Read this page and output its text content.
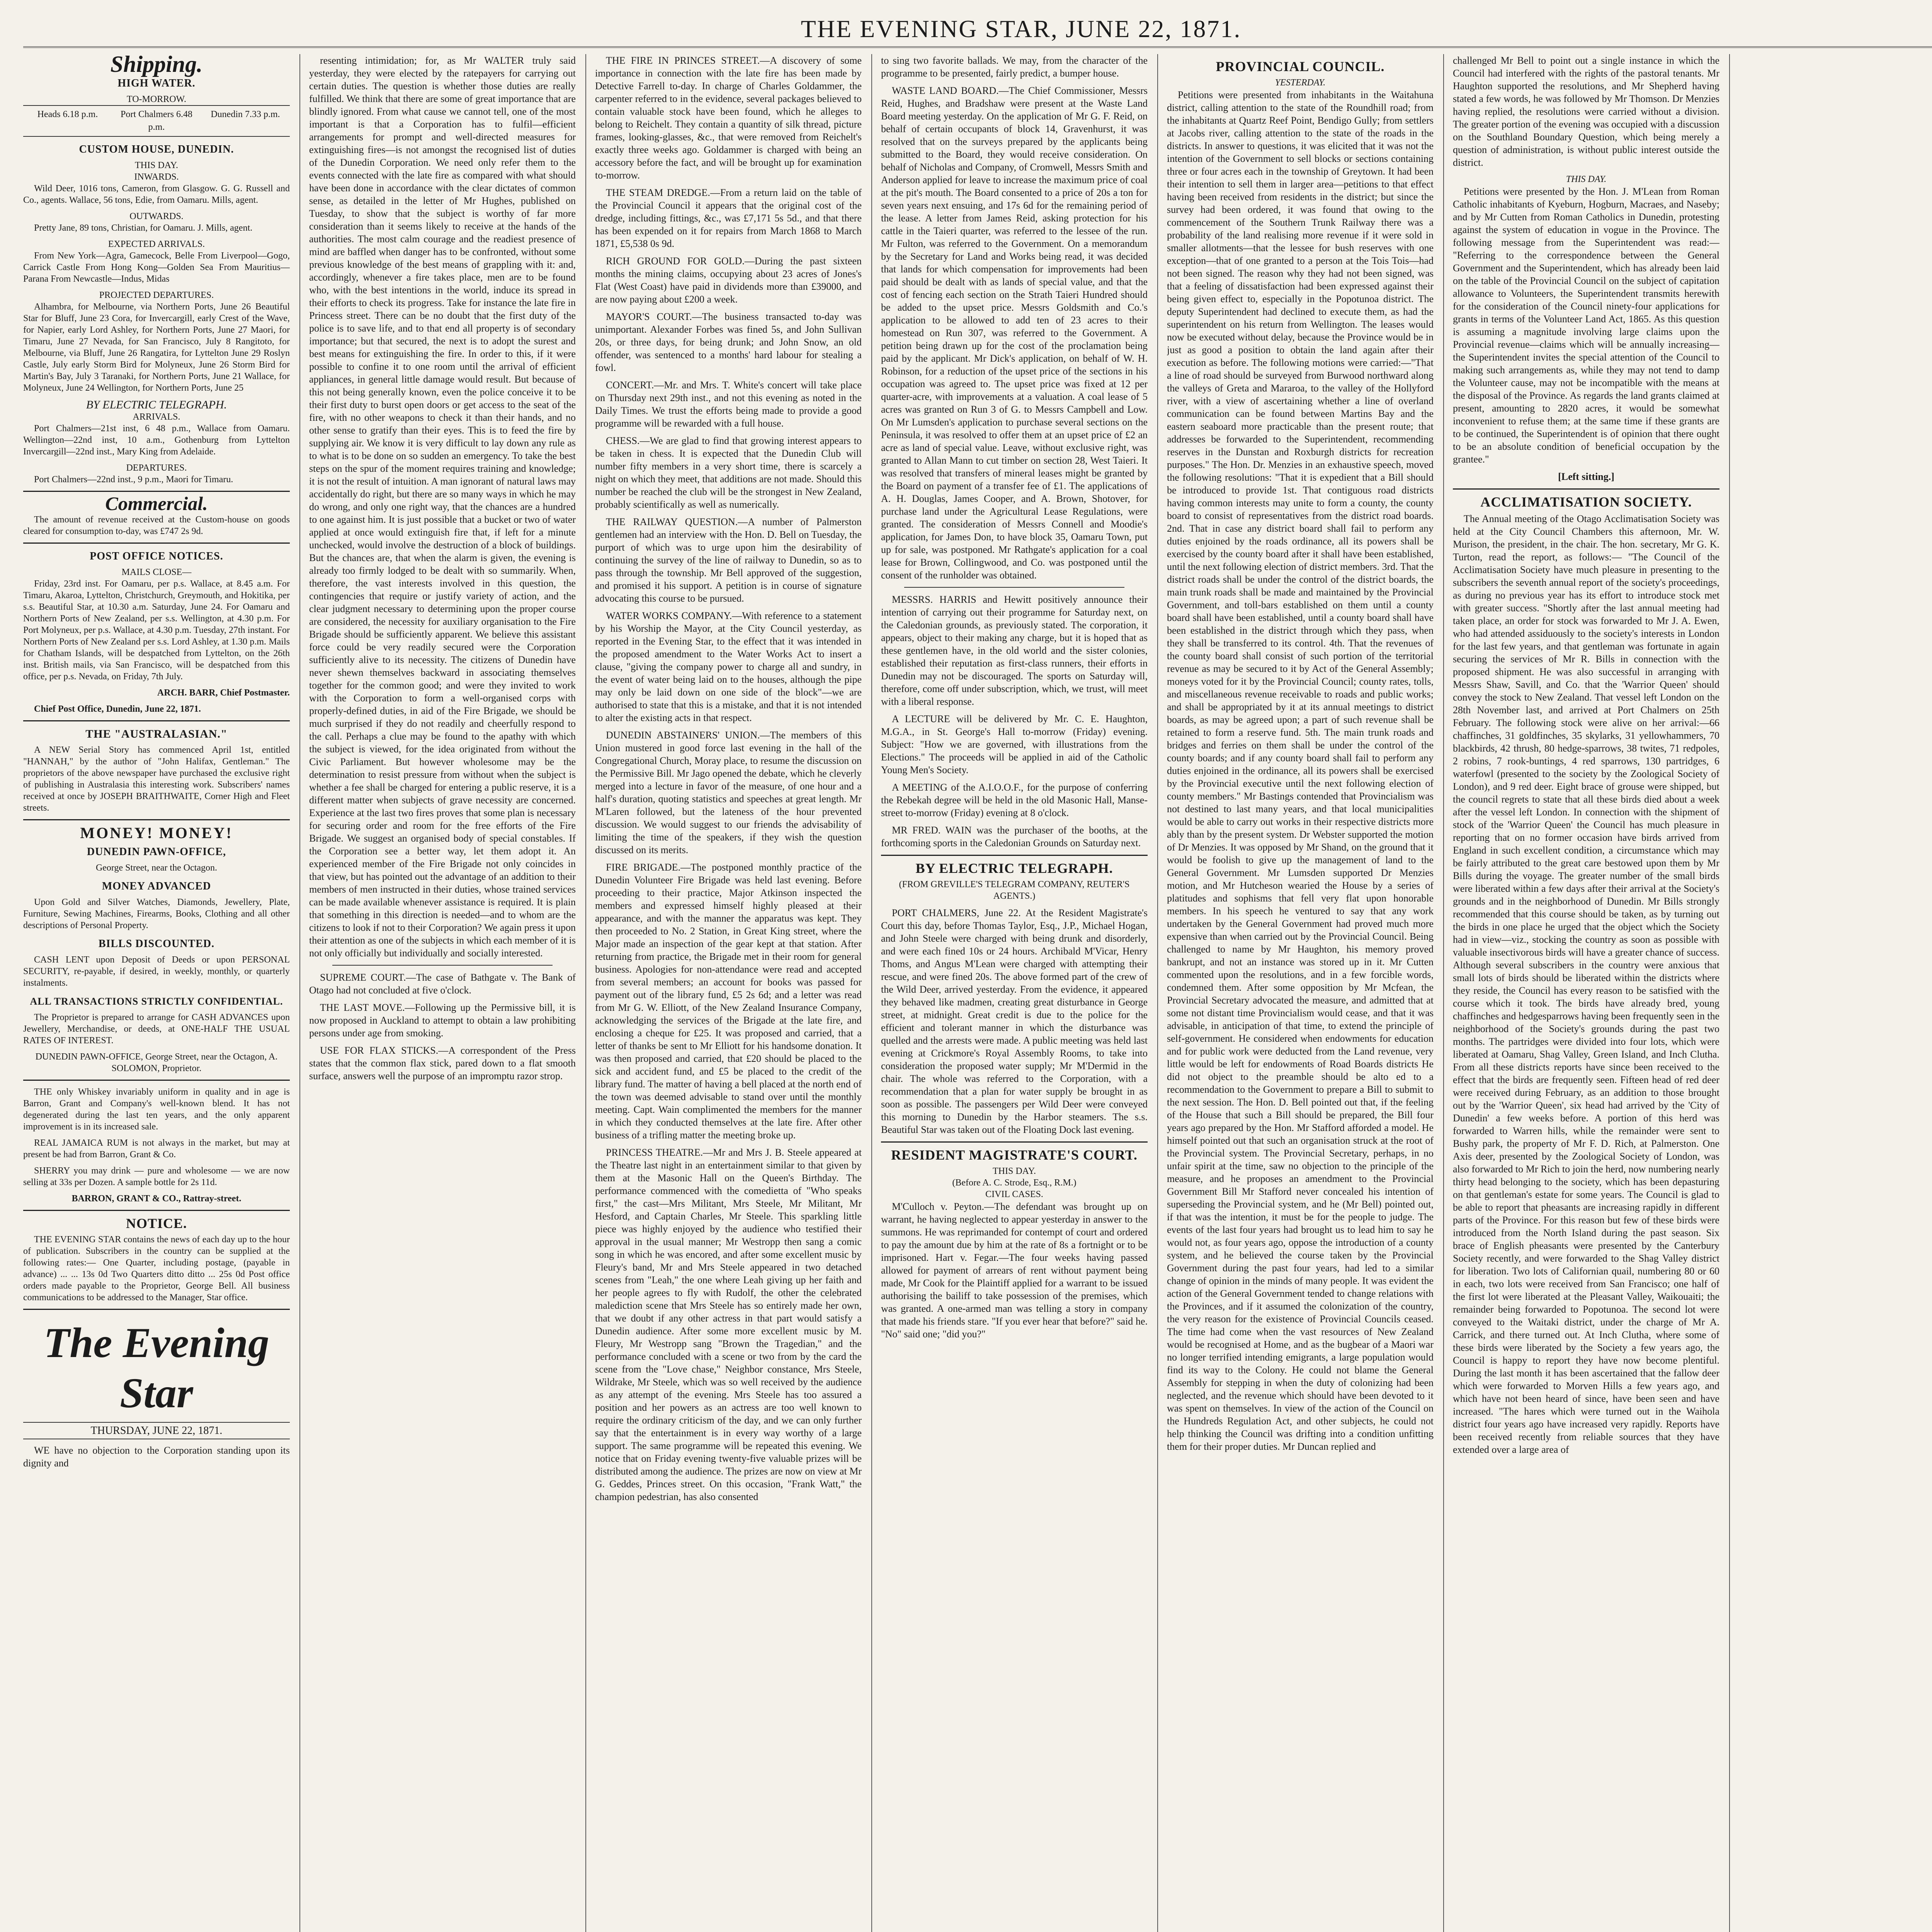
THE EVENING STAR, JUNE 22, 1871.
Shipping.
HIGH WATER.
TO-MORROW.
Heads 6.18 p.m.	Port Chalmers 6.48 p.m.
Dunedin 7.33 p.m.
CUSTOM HOUSE, DUNEDIN.
THIS DAY.
INWARDS.

Wild Deer, 1016 tons, Cameron, from Glasgow. G. G. Russell and Co., agents. Wallace, 56 tons, Edie, from Oamaru. Mills, agent.

OUTWARDS.

Pretty Jane, 89 tons, Christian, for Oamaru. J. Mills, agent.

EXPECTED ARRIVALS.

From New York—Agra, Gamecock, Belle From Liverpool—Gogo, Carrick Castle From Hong Kong—Golden Sea From Mauritius—Parana From Newcastle—Indus, Midas

PROJECTED DEPARTURES.

Alhambra, for Melbourne, via Northern Ports, June 26 Beautiful Star for Bluff, June 23 Cora, for Invercargill, early Crest of the Wave, for Napier, early Lord Ashley, for Northern Ports, June 27 Maori, for Timaru, June 27 Nevada, for San Francisco, July 8 Rangitoto, for Melbourne, via Bluff, June 26 Rangatira, for Lyttelton June 29 Roslyn Castle, July early Storm Bird for Molyneux, June 26 Storm Bird for Martin's Bay, July 3 Taranaki, for Northern Ports, June 21 Wallace, for Molyneux, June 24 Wellington, for Northern Ports, June 25

BY ELECTRIC TELEGRAPH.
ARRIVALS.

Port Chalmers—21st inst, 6 48 p.m., Wallace from Oamaru. Wellington—22nd inst, 10 a.m., Gothenburg from Lyttelton Invercargill—22nd inst., Mary King from Adelaide.

DEPARTURES.

Port Chalmers—22nd inst., 9 p.m., Maori for Timaru.

Commercial.

The amount of revenue received at the Custom-house on goods cleared for consumption to-day, was £747 2s 9d.

POST OFFICE NOTICES.
MAILS CLOSE—

Friday, 23rd inst. For Oamaru, per p.s. Wallace, at 8.45 a.m. For Timaru, Akaroa, Lyttelton, Christchurch, Greymouth, and Hokitika, per s.s. Beautiful Star, at 10.30 a.m. Saturday, June 24. For Oamaru and Northern Ports of New Zealand, per s.s. Wellington, at 4.30 p.m. For Port Molyneux, per p.s. Wallace, at 4.30 p.m. Tuesday, 27th instant. For Northern Ports of New Zealand per s.s. Lord Ashley, at 1.30 p.m. Mails for Chatham Islands, will be despatched from Lyttelton, on the 26th inst. British mails, via San Francisco, will be despatched from this office, per p.s. Nevada, on Friday, 7th July.

ARCH. BARR, Chief Postmaster.

Chief Post Office, Dunedin, June 22, 1871.

THE "AUSTRALASIAN."

A NEW Serial Story has commenced April 1st, entitled "HANNAH," by the author of "John Halifax, Gentleman." The proprietors of the above newspaper have purchased the exclusive right of publishing in Australasia this interesting work. Subscribers' names received at once by JOSEPH BRAITHWAITE, Corner High and Fleet streets.

MONEY! MONEY!
DUNEDIN PAWN-OFFICE,
George Street, near the Octagon.
MONEY ADVANCED

Upon Gold and Silver Watches, Diamonds, Jewellery, Plate, Furniture, Sewing Machines, Firearms, Books, Clothing and all other descriptions of Personal Property.

BILLS DISCOUNTED.

CASH LENT upon Deposit of Deeds or upon PERSONAL SECURITY, re-payable, if desired, in weekly, monthly, or quarterly instalments.

ALL TRANSACTIONS STRICTLY CONFIDENTIAL.

The Proprietor is prepared to arrange for CASH ADVANCES upon Jewellery, Merchandise, or deeds, at ONE-HALF THE USUAL RATES OF INTEREST.

DUNEDIN PAWN-OFFICE, George Street, near the Octagon, A. SOLOMON, Proprietor.

THE only Whiskey invariably uniform in quality and in age is Barron, Grant and Company's well-known blend. It has not degenerated during the last ten years, and the only apparent improvement is in its increased sale.

REAL JAMAICA RUM is not always in the market, but may at present be had from Barron, Grant & Co.

SHERRY you may drink — pure and wholesome — we are now selling at 33s per Dozen. A sample bottle for 2s 11d.

BARRON, GRANT & CO., Rattray-street.

NOTICE.

THE EVENING STAR contains the news of each day up to the hour of publication. Subscribers in the country can be supplied at the following rates:— One Quarter, including postage, (payable in advance) ... ... 13s 0d Two Quarters ditto ditto ... 25s 0d Post office orders made payable to the Proprietor, George Bell. All business communications to be addressed to the Manager, Star office.

The Evening Star
THURSDAY, JUNE 22, 1871.

WE have no objection to the Corporation standing upon its dignity and

resenting intimidation; for, as Mr WALTER truly said yesterday, they were elected by the ratepayers for carrying out certain duties. The question is whether those duties are really fulfilled. We think that there are some of great importance that are blindly ignored. From what cause we cannot tell, one of the most important is that a Corporation has to fulfil—efficient arrangements for prompt and well-directed measures for extinguishing fires—is not amongst the recognised list of duties of the Dunedin Corporation. We need only refer them to the events connected with the late fire as compared with what should have been done in accordance with the clear dictates of common sense, as detailed in the letter of Mr Hughes, published on Tuesday, to show that the subject is worthy of far more consideration than it seems likely to receive at the hands of the authorities. The most calm courage and the readiest presence of mind are baffled when danger has to be confronted, without some previous knowledge of the best means of grappling with it: and, accordingly, whenever a fire takes place, men are to be found who, with the best intentions in the world, induce its spread in their efforts to check its progress. Take for instance the late fire in Princess street. There can be no doubt that the first duty of the police is to save life, and to that end all property is of secondary importance; but that secured, the next is to adopt the surest and best means for extinguishing the fire. In order to this, if it were possible to confine it to one room until the arrival of efficient appliances, in general little damage would result. But because of this not being generally known, even the police conceive it to be their first duty to burst open doors or get access to the seat of the fire, with no other weapons to check it than their hands, and no other sense to gratify than their eyes. This is to feed the fire by supplying air. We know it is very difficult to lay down any rule as to what is to be done on so sudden an emergency. To take the best steps on the spur of the moment requires training and knowledge; it is not the result of intuition. A man ignorant of natural laws may accidentally do right, but there are so many ways in which he may do wrong, and only one right way, that the chances are a hundred to one against him. It is just possible that a bucket or two of water applied at once would extinguish fire that, if left for a minute unchecked, would involve the destruction of a block of buildings. But the chances are, that when the alarm is given, the evening is already too firmly lodged to be dealt with so summarily. When, therefore, the vast interests involved in this question, the contingencies that require or justify variety of action, and the clear judgment necessary to determining upon the proper course are considered, the necessity for auxiliary organisation to the Fire Brigade should be sufficiently apparent. We believe this assistant force could be very readily secured were the Corporation sufficiently alive to its necessity. The citizens of Dunedin have never shewn themselves backward in associating themselves together for the common good; and were they invited to work with the Corporation to form a well-organised corps with properly-defined duties, in aid of the Fire Brigade, we should be much surprised if they do not readily and cheerfully respond to the call. Perhaps a clue may be found to the apathy with which the subject is viewed, for the idea originated from without the Civic Parliament. But however wholesome may be the determination to resist pressure from without when the subject is whether a fee shall be charged for entering a public reserve, it is a different matter when subjects of grave necessity are concerned. Experience at the last two fires proves that some plan is necessary for securing order and room for the free efforts of the Fire Brigade. We suggest an organised body of special constables. If the Corporation see a better way, let them adopt it. An experienced member of the Fire Brigade not only coincides in that view, but has pointed out the advantage of an addition to their members of men instructed in their duties, whose trained services can be made available whenever assistance is required. It is plain that something in this direction is needed—and to whom are the citizens to look if not to their Corporation? We again press it upon their attention as one of the subjects in which each member of it is not only officially but individually and socially interested.

SUPREME COURT.—The case of Bathgate v. The Bank of Otago had not concluded at five o'clock.

THE LAST MOVE.—Following up the Permissive bill, it is now proposed in Auckland to attempt to obtain a law prohibiting persons under age from smoking.

USE FOR FLAX STICKS.—A correspondent of the Press states that the common flax stick, pared down to a flat smooth surface, answers well the purpose of an impromptu razor strop.

THE FIRE IN PRINCES STREET.—A discovery of some importance in connection with the late fire has been made by Detective Farrell to-day. In charge of Charles Goldammer, the carpenter referred to in the evidence, several packages believed to contain valuable stock have been found, which he alleges to belong to Reichelt. They contain a quantity of silk thread, picture frames, looking-glasses, &c., that were removed from Reichelt's exactly three weeks ago. Goldammer is charged with being an accessory before the fact, and will be brought up for examination to-morrow.

THE STEAM DREDGE.—From a return laid on the table of the Provincial Council it appears that the original cost of the dredge, including fittings, &c., was £7,171 5s 5d., and that there has been expended on it for repairs from March 1868 to March 1871, £5,538 0s 9d.

RICH GROUND FOR GOLD.—During the past sixteen months the mining claims, occupying about 23 acres of Jones's Flat (West Coast) have paid in dividends more than £39000, and are now paying about £200 a week.

MAYOR'S COURT.—The business transacted to-day was unimportant. Alexander Forbes was fined 5s, and John Sullivan 20s, or three days, for being drunk; and John Snow, an old offender, was sentenced to a months' hard labour for stealing a fowl.

CONCERT.—Mr. and Mrs. T. White's concert will take place on Thursday next 29th inst., and not this evening as noted in the Daily Times. We trust the efforts being made to provide a good programme will be rewarded with a full house.

CHESS.—We are glad to find that growing interest appears to be taken in chess. It is expected that the Dunedin Club will number fifty members in a very short time, there is scarcely a night on which they meet, that additions are not made. Should this number be reached the club will be the strongest in New Zealand, probably scientifically as well as numerically.

THE RAILWAY QUESTION.—A number of Palmerston gentlemen had an interview with the Hon. D. Bell on Tuesday, the purport of which was to urge upon him the desirability of continuing the survey of the line of railway to Dunedin, so as to pass through the township. Mr Bell approved of the suggestion, and promised it his support. A petition is in course of signature advocating this course to be pursued.

WATER WORKS COMPANY.—With reference to a statement by his Worship the Mayor, at the City Council yesterday, as reported in the Evening Star, to the effect that it was intended in the proposed amendment to the Water Works Act to insert a clause, "giving the company power to charge all and sundry, in the event of water being laid on to the houses, although the pipe may only be laid down on one side of the block"—we are authorised to state that this is a mistake, and that it is not intended to alter the existing acts in that respect.

DUNEDIN ABSTAINERS' UNION.—The members of this Union mustered in good force last evening in the hall of the Congregational Church, Moray place, to resume the discussion on the Permissive Bill. Mr Jago opened the debate, which he cleverly merged into a lecture in favor of the measure, of one hour and a half's duration, quoting statistics and speeches at great length. Mr M'Laren followed, but the lateness of the hour prevented discussion. We would suggest to our friends the advisability of limiting the time of the speakers, if they wish the question discussed on its merits.

FIRE BRIGADE.—The postponed monthly practice of the Dunedin Volunteer Fire Brigade was held last evening. Before proceeding to their practice, Major Atkinson inspected the members and expressed himself highly pleased at their appearance, and with the manner the apparatus was kept. They then proceeded to No. 2 Station, in Great King street, where the Major made an inspection of the gear kept at that station. After returning from practice, the Brigade met in their room for general business. Apologies for non-attendance were read and accepted from several members; an account for books was passed for payment out of the library fund, £5 2s 6d; and a letter was read from Mr G. W. Elliott, of the New Zealand Insurance Company, acknowledging the services of the Brigade at the late fire, and enclosing a cheque for £25. It was proposed and carried, that a letter of thanks be sent to Mr Elliott for his handsome donation. It was then proposed and carried, that £20 should be placed to the sick and accident fund, and £5 be placed to the credit of the library fund. The matter of having a bell placed at the north end of the town was deemed advisable to stand over until the monthly meeting. Capt. Wain complimented the members for the manner in which they conducted themselves at the late fire. After other business of a trifling matter the meeting broke up.

PRINCESS THEATRE.—Mr and Mrs J. B. Steele appeared at the Theatre last night in an entertainment similar to that given by them at the Masonic Hall on the Queen's Birthday. The performance commenced with the comedietta of "Who speaks first," the cast—Mrs Militant, Mrs Steele, Mr Militant, Mr Hesford, and Captain Charles, Mr Steele. This sparkling little piece was highly enjoyed by the audience who testified their approval in the usual manner; Mr Westropp then sang a comic song in which he was encored, and after some excellent music by Fleury's band, Mr and Mrs Steele appeared in two detached scenes from "Leah," the one where Leah giving up her faith and her people agrees to fly with Rudolf, the other the celebrated malediction scene that Mrs Steele has so entirely made her own, that we doubt if any other actress in that part would satisfy a Dunedin audience. After some more excellent music by M. Fleury, Mr Westropp sang "Brown the Tragedian," and the performance concluded with a scene or two from by the card the scene from the "Love chase," Neighbor constance, Mrs Steele, Wildrake, Mr Steele, which was so well received by the audience as any attempt of the evening. Mrs Steele has too assured a position and her powers as an actress are too well known to require the ordinary criticism of the day, and we can only further say that the entertainment is in every way worthy of a large support. The same programme will be repeated this evening. We notice that on Friday evening twenty-five valuable prizes will be distributed among the audience. The prizes are now on view at Mr G. Geddes, Princes street. On this occasion, "Frank Watt," the champion pedestrian, has also consented

to sing two favorite ballads. We may, from the character of the programme to be presented, fairly predict, a bumper house.

WASTE LAND BOARD.—The Chief Commissioner, Messrs Reid, Hughes, and Bradshaw were present at the Waste Land Board meeting yesterday. On the application of Mr G. F. Reid, on behalf of certain occupants of block 14, Gravenhurst, it was resolved that on the surveys prepared by the applicants being submitted to the Board, they would receive consideration. On behalf of Nicholas and Company, of Cromwell, Messrs Smith and Anderson applied for leave to increase the maximum price of coal at the pit's mouth. The Board consented to a price of 20s a ton for seven years next ensuing, and 17s 6d for the remaining period of the lease. A letter from James Reid, asking protection for his cattle in the Taieri quarter, was referred to the lessee of the run. Mr Fulton, was referred to the Government. On a memorandum by the Secretary for Land and Works being read, it was decided that lands for which compensation for improvements had been paid should be dealt with as lands of special value, and that the cost of fencing each section on the Strath Taieri Hundred should be added to the upset price. Messrs Goldsmith and Co.'s application to be allowed to add ten of 23 acres to their homestead on Run 307, was referred to the Government. A petition being drawn up for the cost of the proclamation being paid by the applicant. Mr Dick's application, on behalf of W. H. Robinson, for a reduction of the upset price of the sections in his occupation was agreed to. The upset price was fixed at 12 per quarter-acre, with improvements at a valuation. A coal lease of 5 acres was granted on Run 3 of G. to Messrs Campbell and Low. On Mr Lumsden's application to purchase several sections on the Peninsula, it was resolved to offer them at an upset price of £2 an acre as land of special value. Leave, without exclusive right, was granted to Allan Mann to cut timber on section 28, West Taieri. It was resolved that transfers of mineral leases might be granted by the Board on payment of a transfer fee of £1. The applications of A. H. Douglas, James Cooper, and A. Brown, Shotover, for purchase land under the Agricultural Lease Regulations, were granted. The consideration of Messrs Connell and Moodie's application, for James Don, to have block 35, Oamaru Town, put up for sale, was postponed. Mr Rathgate's application for a coal lease for Brown, Collingwood, and Co. was postponed until the consent of the runholder was obtained.

MESSRS. HARRIS and Hewitt positively announce their intention of carrying out their programme for Saturday next, on the Caledonian grounds, as previously stated. The corporation, it appears, object to their making any charge, but it is hoped that as these gentlemen have, in the old world and the sister colonies, established their reputation as first-class runners, their efforts in Dunedin may not be discouraged. The sports on Saturday will, therefore, come off under subscription, which, we trust, will meet with a liberal response.

A LECTURE will be delivered by Mr. C. E. Haughton, M.G.A., in St. George's Hall to-morrow (Friday) evening. Subject: "How we are governed, with illustrations from the Elections." The proceeds will be applied in aid of the Catholic Young Men's Society.

A MEETING of the A.I.O.O.F., for the purpose of conferring the Rebekah degree will be held in the old Masonic Hall, Manse-street to-morrow (Friday) evening at 8 o'clock.

MR FRED. WAIN was the purchaser of the booths, at the forthcoming sports in the Caledonian Grounds on Saturday next.

BY ELECTRIC TELEGRAPH.

(FROM GREVILLE'S TELEGRAM COMPANY, REUTER'S AGENTS.)

PORT CHALMERS, June 22. At the Resident Magistrate's Court this day, before Thomas Taylor, Esq., J.P., Michael Hogan, and John Steele were charged with being drunk and disorderly, and were each fined 10s or 24 hours. Archibald M'Vicar, Henry Thoms, and Angus M'Lean were charged with attempting their rescue, and were fined 20s. The above formed part of the crew of the Wild Deer, arrived yesterday. From the evidence, it appeared they behaved like madmen, creating great disturbance in George street, at midnight. Great credit is due to the police for the efficient and tolerant manner in which the disturbance was quelled and the arrests were made. A public meeting was held last evening at Crickmore's Royal Assembly Rooms, to take into consideration the proposed water supply; Mr M'Dermid in the chair. The whole was referred to the Corporation, with a recommendation that a plan for water supply be brought in as soon as possible. The passengers per Wild Deer were conveyed this morning to Dunedin by the Harbor steamers. The s.s. Beautiful Star was taken out of the Floating Dock last evening.

RESIDENT MAGISTRATE'S COURT.
THIS DAY.
(Before A. C. Strode, Esq., R.M.)
CIVIL CASES.

M'Culloch v. Peyton.—The defendant was brought up on warrant, he having neglected to appear yesterday in answer to the summons. He was reprimanded for contempt of court and ordered to pay the amount due by him at the rate of 8s a fortnight or to be imprisoned. Hart v. Fegar.—The four weeks having passed allowed for payment of arrears of rent without payment being made, Mr Cook for the Plaintiff applied for a warrant to be issued authorising the bailiff to take possession of the premises, which was granted. A one-armed man was telling a story in company that made his friends stare. "If you ever hear that before?" said he. "No" said one; "did you?"

PROVINCIAL COUNCIL.
YESTERDAY.

Petitions were presented from inhabitants in the Waitahuna district, calling attention to the state of the Roundhill road; from the inhabitants at Quartz Reef Point, Bendigo Gully; from settlers at Jacobs river, calling attention to the state of the roads in the districts. In answer to questions, it was elicited that it was not the intention of the Government to sell blocks or sections containing three or four acres each in the township of Greytown. It had been their intention to sell them in larger area—petitions to that effect having been received from residents in the district; but since the survey had been ordered, it was found that owing to the commencement of the Southern Trunk Railway there was a probability of the land realising more revenue if it were sold in smaller allotments—that the lessee for bush reserves with one exception—that of one granted to a person at the Tois Tois—had not been signed. The reason why they had not been signed, was that a feeling of dissatisfaction had been expressed against their being given effect to, especially in the Popotunoa district. The deputy Superintendent had declined to execute them, as had the superintendent on his return from Wellington. The leases would now be executed without delay, because the Province would be in just as good a position to obtain the land again after their execution as before. The following motions were carried:—"That a line of road should be surveyed from Burwood northward along the valleys of Greta and Mararoa, to the valley of the Hollyford river, with a view of ascertaining whether a line of overland communication can be found between Martins Bay and the eastern seaboard more practicable than the present route; that addresses be forwarded to the Superintendent, recommending reserves in the Dunstan and Roxburgh districts for recreation purposes." The Hon. Dr. Menzies in an exhaustive speech, moved the following resolutions: "That it is expedient that a Bill should be introduced to provide 1st. That contiguous road districts having common interests may unite to form a county, the county board to consist of representatives from the district road boards. 2nd. That in case any district board shall fail to perform any duties enjoined by the roads ordinance, all its powers shall be exercised by the county board after it shall have been established, until the next following election of district members. 3rd. That the district roads shall be under the control of the district boards, the main trunk roads shall be made and maintained by the Provincial Government, and toll-bars established on them until a county board shall have been established, until a county board shall have been established in the district through which they pass, when they shall be transferred to its control. 4th. That the revenues of the county board shall consist of such portion of the territorial revenue as may be secured to it by Act of the General Assembly; moneys voted for it by the Provincial Council; county rates, tolls, and miscellaneous revenue receivable to roads and public works; and shall be appropriated by it at its annual meetings to district boards, as may be agreed upon; a part of such revenue shall be retained to form a reserve fund. 5th. The main trunk roads and bridges and ferries on them shall be under the control of the county boards; and if any county board shall fail to perform any duties enjoined in the ordinance, all its powers shall be exercised by the Provincial executive until the next following election of county members." Mr Bastings contended that Provincialism was not destined to last many years, and that local municipalities would be able to carry out works in their respective districts more ably than by the present system. Dr Webster supported the motion of Dr Menzies. It was opposed by Mr Shand, on the ground that it would be foolish to give up the management of land to the General Government. Mr Lumsden supported Dr Menzies motion, and Mr Hutcheson wearied the House by a series of platitudes and sophisms that fell very flat upon honorable members. In his speech he ventured to say that any work undertaken by the General Government had proved much more expensive than when carried out by the Provincial Council. Being challenged to name by Mr Haughton, his memory proved bankrupt, and not an instance was stored up in it. Mr Cutten commented upon the resolutions, and in a few forcible words, condemned them. After some opposition by Mr Mcfean, the Provincial Secretary advocated the measure, and admitted that at some not distant time Provincialism would cease, and that it was advisable, in anticipation of that time, to extend the principle of self-government. He considered when endowments for education and for public work were deducted from the Land revenue, very little would be left for endowments of Road Boards districts He did not object to the preamble should be alto ed to a recommendation to the Government to prepare a Bill to submit to the next session. The Hon. D. Bell pointed out that, if the feeling of the House that such a Bill should be prepared, the Bill four years ago prepared by the Hon. Mr Stafford afforded a model. He himself pointed out that such an organisation struck at the root of the Provincial system. The Provincial Secretary, perhaps, in no unfair spirit at the time, saw no objection to the principle of the measure, and he proposes an amendment to the Provincial Government Bill Mr Stafford never concealed his intention of superseding the Provincial system, and he (Mr Bell) pointed out, if that was the intention, it must be for the people to judge. The events of the last four years had brought us to lead him to say he would not, as four years ago, oppose the introduction of a county system, and he believed the course taken by the Provincial Government during the past four years, had led to a similar change of opinion in the minds of many people. It was evident the action of the General Government tended to change relations with the Provinces, and if it assumed the colonization of the country, the very reason for the existence of Provincial Councils ceased. The time had come when the vast resources of New Zealand would be recognised at Home, and as the bugbear of a Maori war no longer terrified intending emigrants, a large population would find its way to the Colony. He could not blame the General Assembly for stepping in when the duty of colonizing had been neglected, and the revenue which should have been devoted to it was spent on themselves. In view of the action of the Council on the Hundreds Regulation Act, and other subjects, he could not help thinking the Council was drifting into a condition unfitting them for their proper duties. Mr Duncan replied and

challenged Mr Bell to point out a single instance in which the Council had interfered with the rights of the pastoral tenants. Mr Haughton supported the resolutions, and Mr Shepherd having stated a few words, he was followed by Mr Thomson. Dr Menzies having replied, the resolutions were carried without a division. The greater portion of the evening was occupied with a discussion on the Southland Boundary Question, which being merely a question of administration, is without public interest outside the district.

THIS DAY.

Petitions were presented by the Hon. J. M'Lean from Roman Catholic inhabitants of Kyeburn, Hogburn, Macraes, and Naseby; and by Mr Cutten from Roman Catholics in Dunedin, protesting against the system of education in vogue in the Province. The following message from the Superintendent was read:— "Referring to the correspondence between the General Government and the Superintendent, which has already been laid on the table of the Provincial Council on the subject of capitation allowance to Volunteers, the Superintendent transmits herewith for the consideration of the Council ninety-four applications for grants in terms of the Volunteer Land Act, 1865. As this question is assuming a magnitude involving large claims upon the Provincial revenue—claims which will be annually increasing—the Superintendent invites the special attention of the Council to making such arrangements as, while they may not tend to damp the Volunteer cause, may not be incompatible with the means at the disposal of the Province. As regards the land grants claimed at present, amounting to 2820 acres, it would be somewhat inconvenient to refuse them; at the same time if these grants are to be continued, the Superintendent is of opinion that there ought to be an absolute condition of beneficial occupation by the grantee."

[Left sitting.]

ACCLIMATISATION SOCIETY.

The Annual meeting of the Otago Acclimatisation Society was held at the City Council Chambers this afternoon, Mr. W. Murison, the president, in the chair. The hon. secretary, Mr G. K. Turton, read the report, as follows:— "The Council of the Acclimatisation Society have much pleasure in presenting to the subscribers the seventh annual report of the society's proceedings, as during no previous year has its effort to introduce stock met with greater success. "Shortly after the last annual meeting had taken place, an order for stock was forwarded to Mr J. A. Ewen, who had attended assiduously to the society's interests in London for the last few years, and that gentleman was fortunate in again securing the services of Mr R. Bills in connection with the proposed shipment. He was also successful in arranging with Messrs Shaw, Savill, and Co. that the 'Warrior Queen' should convey the stock to New Zealand. That vessel left London on the 28th November last, and arrived at Port Chalmers on 25th February. The following stock were alive on her arrival:—66 chaffinches, 31 goldfinches, 35 skylarks, 31 yellowhammers, 70 blackbirds, 42 thrush, 80 hedge-sparrows, 38 twites, 71 redpoles, 2 robins, 7 rook-buntings, 4 red sparrows, 130 partridges, 6 waterfowl (presented to the society by the Zoological Society of London), and 9 red deer. Eight brace of grouse were shipped, but the council regrets to state that all these birds died about a week after the vessel left London. In connection with the shipment of stock of the 'Warrior Queen' the Council has much pleasure in reporting that on no former occasion have birds arrived from England in such excellent condition, a circumstance which may be fairly attributed to the great care bestowed upon them by Mr Bills during the voyage. The greater number of the small birds were liberated within a few days after their arrival at the Society's grounds and in the neighborhood of Dunedin. Mr Bills strongly recommended that this course should be taken, as by turning out the birds in one place he urged that the object which the Society had in view—viz., stocking the country as soon as possible with valuable insectivorous birds will have a greater chance of success. Although several subscribers in the country were anxious that small lots of birds should be liberated within the districts where they reside, the Council has every reason to be satisfied with the course which it took. The birds have already bred, young chaffinches and hedgesparrows having been frequently seen in the neighborhood of the Society's grounds during the past two months. The partridges were divided into four lots, which were liberated at Oamaru, Shag Valley, Green Island, and Inch Clutha. From all these districts reports have since been received to the effect that the birds are frequently seen. Fifteen head of red deer were received during February, as an addition to those brought out by the 'Warrior Queen', six head had arrived by the 'City of Dunedin' a few weeks before. A portion of this herd was forwarded to Warren hills, while the remainder were sent to Bushy park, the property of Mr F. D. Rich, at Palmerston. One Axis deer, presented by the Zoological Society of London, was also forwarded to Mr Rich to join the herd, now numbering nearly thirty head belonging to the society, which has been depasturing on that gentleman's estate for some years. The Council is glad to be able to report that pheasants are increasing rapidly in different parts of the Province. For this reason but few of these birds were introduced from the North Island during the past season. Six brace of English pheasants were presented by the Canterbury Society recently, and were forwarded to the Shag Valley district for liberation. Two lots of Californian quail, numbering 80 or 60 in each, two lots were received from San Francisco; one half of the first lot were liberated at the Pleasant Valley, Waikouaiti; the remainder being forwarded to Popotunoa. The second lot were conveyed to the Waitaki district, under the charge of Mr A. Carrick, and there turned out. At Inch Clutha, where some of these birds were liberated by the Society a few years ago, the Council is happy to report they have now become plentiful. During the last month it has been ascertained that the fallow deer which were forwarded to Morven Hills a few years ago, and which have not been heard of since, have been seen and have increased. "The hares which were turned out in the Waihola district four years ago have increased very rapidly. Reports have been received recently from reliable sources that they have extended over a large area of
